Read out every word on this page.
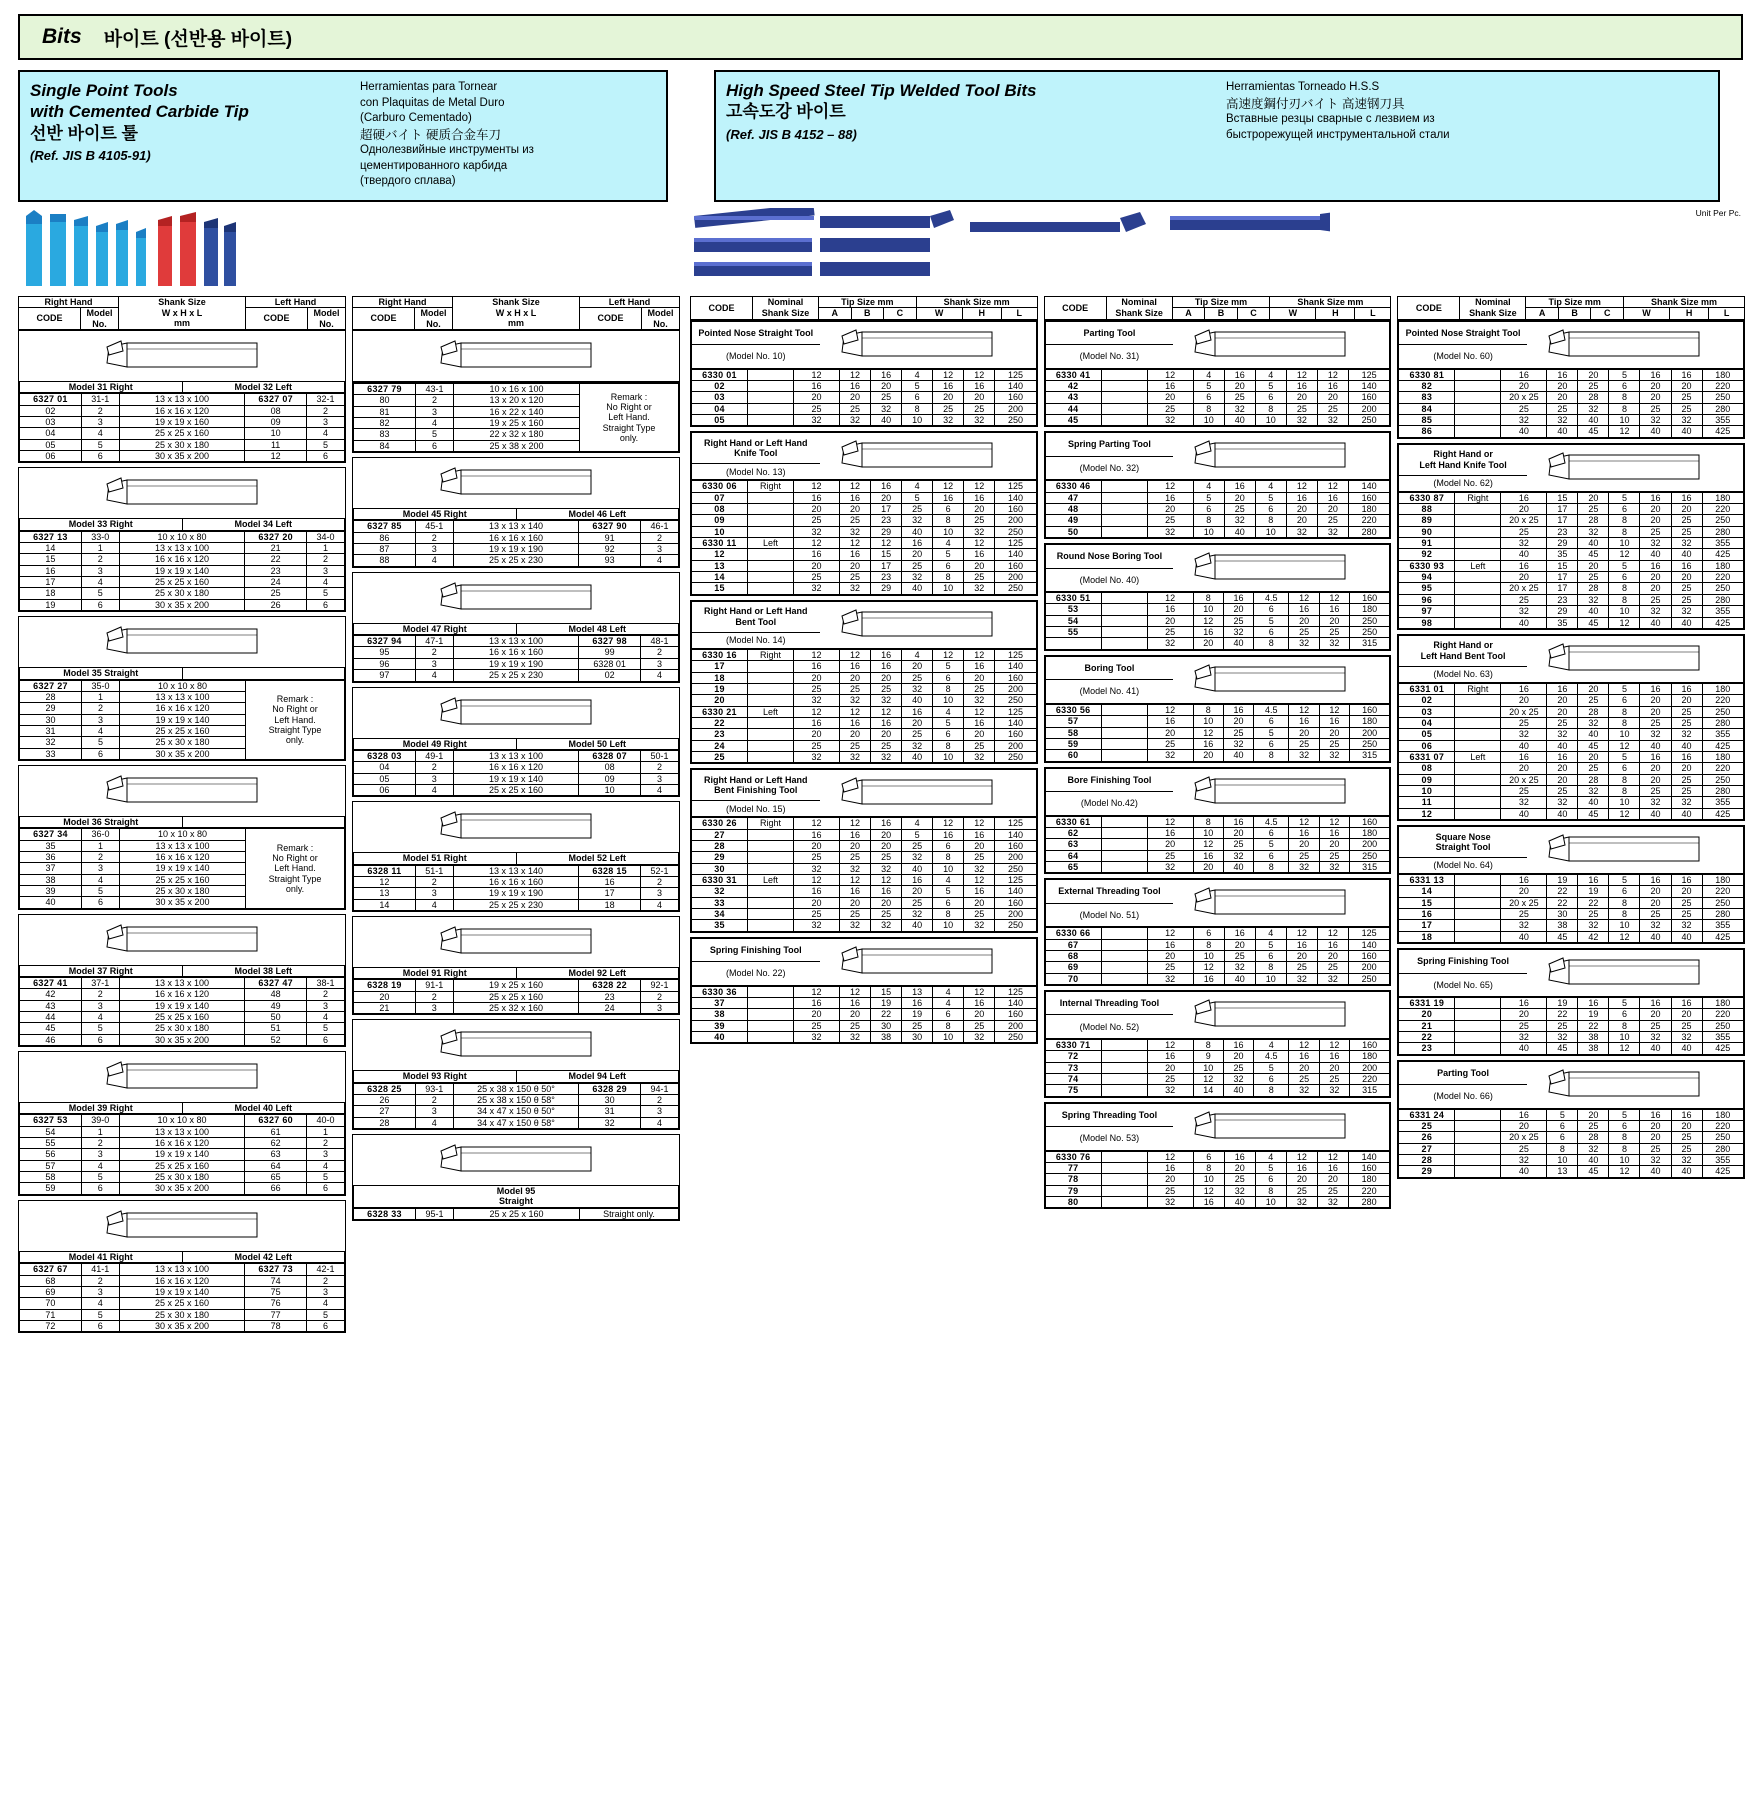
Bits 바이트 (선반용 바이트)
Single Point Tools
with Cemented Carbide Tip
선반 바이트 툴
(Ref. JIS B 4105-91)
Herramientas para Tornear
con Plaquitas de Metal Duro
(Carburo Cementado)
超硬バイト 硬质合金车刀
Однолезвийные инструменты из
цементированного карбида
(твердого сплава)
High Speed Steel Tip Welded Tool Bits
고속도강 바이트
(Ref. JIS B 4152 – 88)
Herramientas Torneado H.S.S
高速度鋼付刃バイト 高速钢刀具
Вставные резцы сварные с лезвием из
быстрорежущей инструментальной стали
Right Hand		Shank Size
W x H x L
mm	Left Hand	
CODE	Model
No.		CODE	Model
No.
Model 31 Right	Model 32 Left
6327 01	31-1	13 x 13 x 100	6327 07	32-1
02	2	16 x 16 x 120	08	2
03	3	19 x 19 x 160	09	3
04	4	25 x 25 x 160	10	4
05	5	25 x 30 x 180	11	5
06	6	30 x 35 x 200	12	6
Model 33 Right	Model 34 Left
6327 13	33-0	10 x 10 x 80	6327 20	34-0
14	1	13 x 13 x 100	21	1
15	2	16 x 16 x 120	22	2
16	3	19 x 19 x 140	23	3
17	4	25 x 25 x 160	24	4
18	5	25 x 30 x 180	25	5
19	6	30 x 35 x 200	26	6
Model 35 Straight	
6327 27	35-0	10 x 10 x 80	Remark :
No Right or
Left Hand.
Straight Type
only.
28	1	13 x 13 x 100	
29	2	16 x 16 x 120	
30	3	19 x 19 x 140	
31	4	25 x 25 x 160	
32	5	25 x 30 x 180	
33	6	30 x 35 x 200	
Model 36 Straight	
6327 34	36-0	10 x 10 x 80	Remark :
No Right or
Left Hand.
Straight Type
only.
35	1	13 x 13 x 100	
36	2	16 x 16 x 120	
37	3	19 x 19 x 140	
38	4	25 x 25 x 160	
39	5	25 x 30 x 180	
40	6	30 x 35 x 200	
Model 37 Right	Model 38 Left
6327 41	37-1	13 x 13 x 100	6327 47	38-1
42	2	16 x 16 x 120	48	2
43	3	19 x 19 x 140	49	3
44	4	25 x 25 x 160	50	4
45	5	25 x 30 x 180	51	5
46	6	30 x 35 x 200	52	6
Model 39 Right	Model 40 Left
6327 53	39-0	10 x 10 x 80	6327 60	40-0
54	1	13 x 13 x 100	61	1
55	2	16 x 16 x 120	62	2
56	3	19 x 19 x 140	63	3
57	4	25 x 25 x 160	64	4
58	5	25 x 30 x 180	65	5
59	6	30 x 35 x 200	66	6
Model 41 Right	Model 42 Left
6327 67	41-1	13 x 13 x 100	6327 73	42-1
68	2	16 x 16 x 120	74	2
69	3	19 x 19 x 140	75	3
70	4	25 x 25 x 160	76	4
71	5	25 x 30 x 180	77	5
72	6	30 x 35 x 200	78	6
Right Hand		Shank Size
W x H x L
mm	Left Hand	
CODE	Model
No.		CODE	Model
No.

6327 79	43-1	10 x 16 x 100	Remark :
No Right or
Left Hand.
Straight Type
only.
80	2	13 x 20 x 120	
81	3	16 x 22 x 140	
82	4	19 x 25 x 160	
83	5	22 x 32 x 180	
84	6	25 x 38 x 200	
Model 45 Right	Model 46 Left
6327 85	45-1	13 x 13 x 140	6327 90	46-1
86	2	16 x 16 x 160	91	2
87	3	19 x 19 x 190	92	3
88	4	25 x 25 x 230	93	4
Model 47 Right	Model 48 Left
6327 94	47-1	13 x 13 x 100	6327 98	48-1
95	2	16 x 16 x 160	99	2
96	3	19 x 19 x 190	6328 01	3
97	4	25 x 25 x 230	02	4
Model 49 Right	Model 50 Left
6328 03	49-1	13 x 13 x 100	6328 07	50-1
04	2	16 x 16 x 120	08	2
05	3	19 x 19 x 140	09	3
06	4	25 x 25 x 160	10	4
Model 51 Right	Model 52 Left
6328 11	51-1	13 x 13 x 140	6328 15	52-1
12	2	16 x 16 x 160	16	2
13	3	19 x 19 x 190	17	3
14	4	25 x 25 x 230	18	4
Model 91 Right	Model 92 Left
6328 19	91-1	19 x 25 x 160	6328 22	92-1
20	2	25 x 25 x 160	23	2
21	3	25 x 32 x 160	24	3
Model 93 Right	Model 94 Left
6328 25	93-1	25 x 38 x 150 θ 50°	6328 29	94-1
26	2	25 x 38 x 150 θ 58°	30	2
27	3	34 x 47 x 150 θ 50°	31	3
28	4	34 x 47 x 150 θ 58°	32	4
Model 95
Straight
6328 33	95-1	25 x 25 x 160	Straight only.
Unit Per Pc.
CODE	Nominal
Shank Size	Tip Size mm			Shank Size mm		
		A	B	C	W	H	L
Pointed Nose Straight Tool	

(Model No. 10)
6330 01		12	12	16	4	12	12	125
02		16	16	20	5	16	16	140
03		20	20	25	6	20	20	160
04		25	25	32	8	25	25	200
05		32	32	40	10	32	32	250
Right Hand or Left Hand Knife Tool	

(Model No. 13)
6330 06	Right	12	12	16	4	12	12	125
07		16	16	20	5	16	16	140
08		20	20	17	25	6	20	160
09		25	25	23	32	8	25	200
10		32	32	29	40	10	32	250
6330 11	Left	12	12	12	16	4	12	125
12		16	16	15	20	5	16	140
13		20	20	17	25	6	20	160
14		25	25	23	32	8	25	200
15		32	32	29	40	10	32	250
Right Hand or Left Hand Bent Tool	

(Model No. 14)
6330 16	Right	12	12	16	4	12	12	125
17		16	16	16	20	5	16	140
18		20	20	20	25	6	20	160
19		25	25	25	32	8	25	200
20		32	32	32	40	10	32	250
6330 21	Left	12	12	12	16	4	12	125
22		16	16	16	20	5	16	140
23		20	20	20	25	6	20	160
24		25	25	25	32	8	25	200
25		32	32	32	40	10	32	250
Right Hand or Left Hand Bent Finishing Tool	

(Model No. 15)
6330 26	Right	12	12	16	4	12	12	125
27		16	16	20	5	16	16	140
28		20	20	20	25	6	20	160
29		25	25	25	32	8	25	200
30		32	32	32	40	10	32	250
6330 31	Left	12	12	12	16	4	12	125
32		16	16	16	20	5	16	140
33		20	20	20	25	6	20	160
34		25	25	25	32	8	25	200
35		32	32	32	40	10	32	250
Spring Finishing Tool	

(Model No. 22)
6330 36		12	12	15	13	4	12	125
37		16	16	19	16	4	16	140
38		20	20	22	19	6	20	160
39		25	25	30	25	8	25	200
40		32	32	38	30	10	32	250
CODE	Nominal
Shank Size	Tip Size mm			Shank Size mm		
		A	B	C	W	H	L
Parting Tool	

(Model No. 31)
6330 41		12	4	16	4	12	12	125
42		16	5	20	5	16	16	140
43		20	6	25	6	20	20	160
44		25	8	32	8	25	25	200
45		32	10	40	10	32	32	250
Spring Parting Tool	

(Model No. 32)
6330 46		12	4	16	4	12	12	140
47		16	5	20	5	16	16	160
48		20	6	25	6	20	20	180
49		25	8	32	8	20	25	220
50		32	10	40	10	32	32	280
Round Nose Boring Tool	

(Model No. 40)
6330 51		12	8	16	4.5	12	12	160
53		16	10	20	6	16	16	180
54		20	12	25	5	20	20	250
55		25	16	32	6	25	25	250
		32	20	40	8	32	32	315
Boring Tool	

(Model No. 41)
6330 56		12	8	16	4.5	12	12	160
57		16	10	20	6	16	16	180
58		20	12	25	5	20	20	200
59		25	16	32	6	25	25	250
60		32	20	40	8	32	32	315
Bore Finishing Tool	

(Model No.42)
6330 61		12	8	16	4.5	12	12	160
62		16	10	20	6	16	16	180
63		20	12	25	5	20	20	200
64		25	16	32	6	25	25	250
65		32	20	40	8	32	32	315
External Threading Tool	

(Model No. 51)
6330 66		12	6	16	4	12	12	125
67		16	8	20	5	16	16	140
68		20	10	25	6	20	20	160
69		25	12	32	8	25	25	200
70		32	16	40	10	32	32	250
Internal Threading Tool	

(Model No. 52)
6330 71		12	8	16	4	12	12	160
72		16	9	20	4.5	16	16	180
73		20	10	25	5	20	20	200
74		25	12	32	6	25	25	220
75		32	14	40	8	32	32	315
Spring Threading Tool	

(Model No. 53)
6330 76		12	6	16	4	12	12	140
77		16	8	20	5	16	16	160
78		20	10	25	6	20	20	180
79		25	12	32	8	25	25	220
80		32	16	40	10	32	32	280
CODE	Nominal
Shank Size	Tip Size mm			Shank Size mm		
		A	B	C	W	H	L
Pointed Nose Straight Tool	

(Model No. 60)
6330 81		16	16	20	5	16	16	180
82		20	20	25	6	20	20	220
83		20 x 25	20	28	8	20	25	250
84		25	25	32	8	25	25	280
85		32	32	40	10	32	32	355
86		40	40	45	12	40	40	425
Right Hand or
Left Hand Knife Tool	

(Model No. 62)
6330 87	Right	16	15	20	5	16	16	180
88		20	17	25	6	20	20	220
89		20 x 25	17	28	8	20	25	250
90		25	23	32	8	25	25	280
91		32	29	40	10	32	32	355
92		40	35	45	12	40	40	425
6330 93	Left	16	15	20	5	16	16	180
94		20	17	25	6	20	20	220
95		20 x 25	17	28	8	20	25	250
96		25	23	32	8	25	25	280
97		32	29	40	10	32	32	355
98		40	35	45	12	40	40	425
Right Hand or
Left Hand Bent Tool	

(Model No. 63)
6331 01	Right	16	16	20	5	16	16	180
02		20	20	25	6	20	20	220
03		20 x 25	20	28	8	20	25	250
04		25	25	32	8	25	25	280
05		32	32	40	10	32	32	355
06		40	40	45	12	40	40	425
6331 07	Left	16	16	20	5	16	16	180
08		20	20	25	6	20	20	220
09		20 x 25	20	28	8	20	25	250
10		25	25	32	8	25	25	280
11		32	32	40	10	32	32	355
12		40	40	45	12	40	40	425
Square Nose
Straight Tool	

(Model No. 64)
6331 13		16	19	16	5	16	16	180
14		20	22	19	6	20	20	220
15		20 x 25	22	22	8	20	25	250
16		25	30	25	8	25	25	280
17		32	38	32	10	32	32	355
18		40	45	42	12	40	40	425
Spring Finishing Tool	

(Model No. 65)
6331 19		16	19	16	5	16	16	180
20		20	22	19	6	20	20	220
21		25	25	22	8	25	25	250
22		32	32	38	10	32	32	355
23		40	45	38	12	40	40	425
Parting Tool	

(Model No. 66)
6331 24		16	5	20	5	16	16	180
25		20	6	25	6	20	20	220
26		20 x 25	6	28	8	20	25	250
27		25	8	32	8	25	25	280
28		32	10	40	10	32	32	355
29		40	13	45	12	40	40	425
